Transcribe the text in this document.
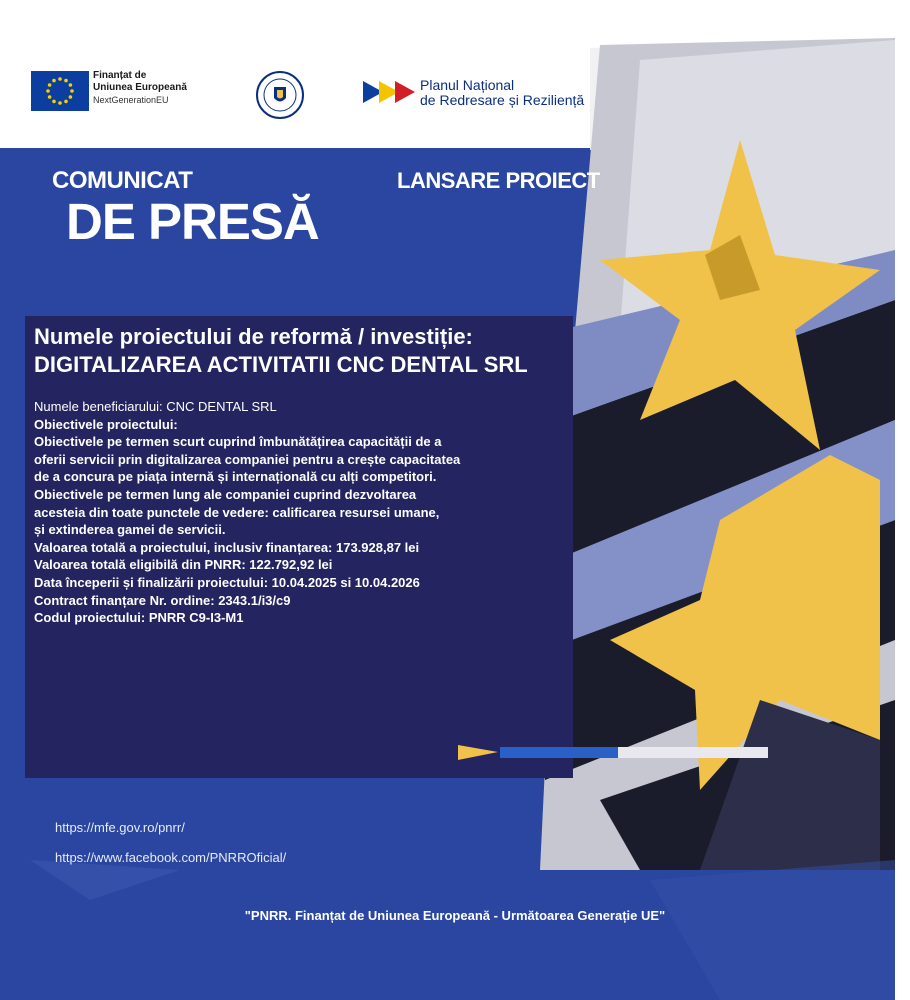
Finanțat de
Uniunea Europeană
NextGenerationEU
Planul Național
de Redresare și Reziliență
COMUNICAT
DE PRESĂ
LANSARE PROIECT
Numele proiectului de reformă / investiție:
DIGITALIZAREA ACTIVITATII CNC DENTAL SRL
Numele beneficiarului: CNC DENTAL SRL
Obiectivele proiectului:
Obiectivele pe termen scurt cuprind îmbunătățirea capacității de a
oferii servicii prin digitalizarea companiei pentru a crește capacitatea
de a concura pe piața internă și internațională cu alți competitori.
Obiectivele pe termen lung ale companiei cuprind dezvoltarea
acesteia din toate punctele de vedere: calificarea resursei umane,
și extinderea gamei de servicii.
Valoarea totală a proiectului, inclusiv finanțarea: 173.928,87 lei
Valoarea totală eligibilă din PNRR: 122.792,92 lei
Data începerii și finalizării proiectului: 10.04.2025 si 10.04.2026
Contract finanțare Nr. ordine: 2343.1/i3/c9
Codul proiectului: PNRR C9-I3-M1
https://mfe.gov.ro/pnrr/
https://www.facebook.com/PNRROficial/
"PNRR. Finanțat de Uniunea Europeană - Următoarea Generație UE"
